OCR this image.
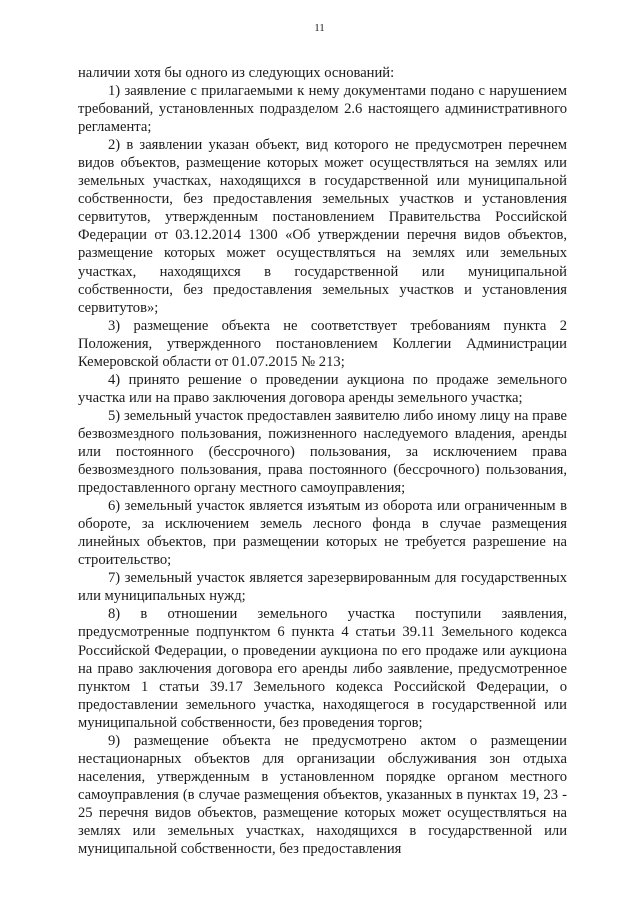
11

наличии хотя бы одного из следующих оснований:

1) заявление с прилагаемыми к нему документами подано с нарушением требований, установленных подразделом 2.6 настоящего административного регламента;

2) в заявлении указан объект, вид которого не предусмотрен перечнем видов объектов, размещение которых может осуществляться на землях или земельных участках, находящихся в государственной или муниципальной собственности, без предоставления земельных участков и установления сервитутов, утвержденным постановлением Правительства Российской Федерации от 03.12.2014 1300 «Об утверждении перечня видов объектов, размещение которых может осуществляться на землях или земельных участках, находящихся в государственной или муниципальной собственности, без предоставления земельных участков и установления сервитутов»;

3) размещение объекта не соответствует требованиям пункта 2 Положения, утвержденного постановлением Коллегии Администрации Кемеровской области от 01.07.2015 № 213;

4) принято решение о проведении аукциона по продаже земельного участка или на право заключения договора аренды земельного участка;

5) земельный участок предоставлен заявителю либо иному лицу на праве безвозмездного пользования, пожизненного наследуемого владения, аренды или постоянного (бессрочного) пользования, за исключением права безвозмездного пользования, права постоянного (бессрочного) пользования, предоставленного органу местного самоуправления;

6) земельный участок является изъятым из оборота или ограниченным в обороте, за исключением земель лесного фонда в случае размещения линейных объектов, при размещении которых не требуется разрешение на строительство;

7) земельный участок является зарезервированным для государственных или муниципальных нужд;

8) в отношении земельного участка поступили заявления, предусмотренные подпунктом 6 пункта 4 статьи 39.11 Земельного кодекса Российской Федерации, о проведении аукциона по его продаже или аукциона на право заключения договора его аренды либо заявление, предусмотренное пунктом 1 статьи 39.17 Земельного кодекса Российской Федерации, о предоставлении земельного участка, находящегося в государственной или муниципальной собственности, без проведения торгов;

9) размещение объекта не предусмотрено актом о размещении нестационарных объектов для организации обслуживания зон отдыха населения, утвержденным в установленном порядке органом местного самоуправления (в случае размещения объектов, указанных в пунктах 19, 23 - 25 перечня видов объектов, размещение которых может осуществляться на землях или земельных участках, находящихся в государственной или муниципальной собственности, без предоставления
